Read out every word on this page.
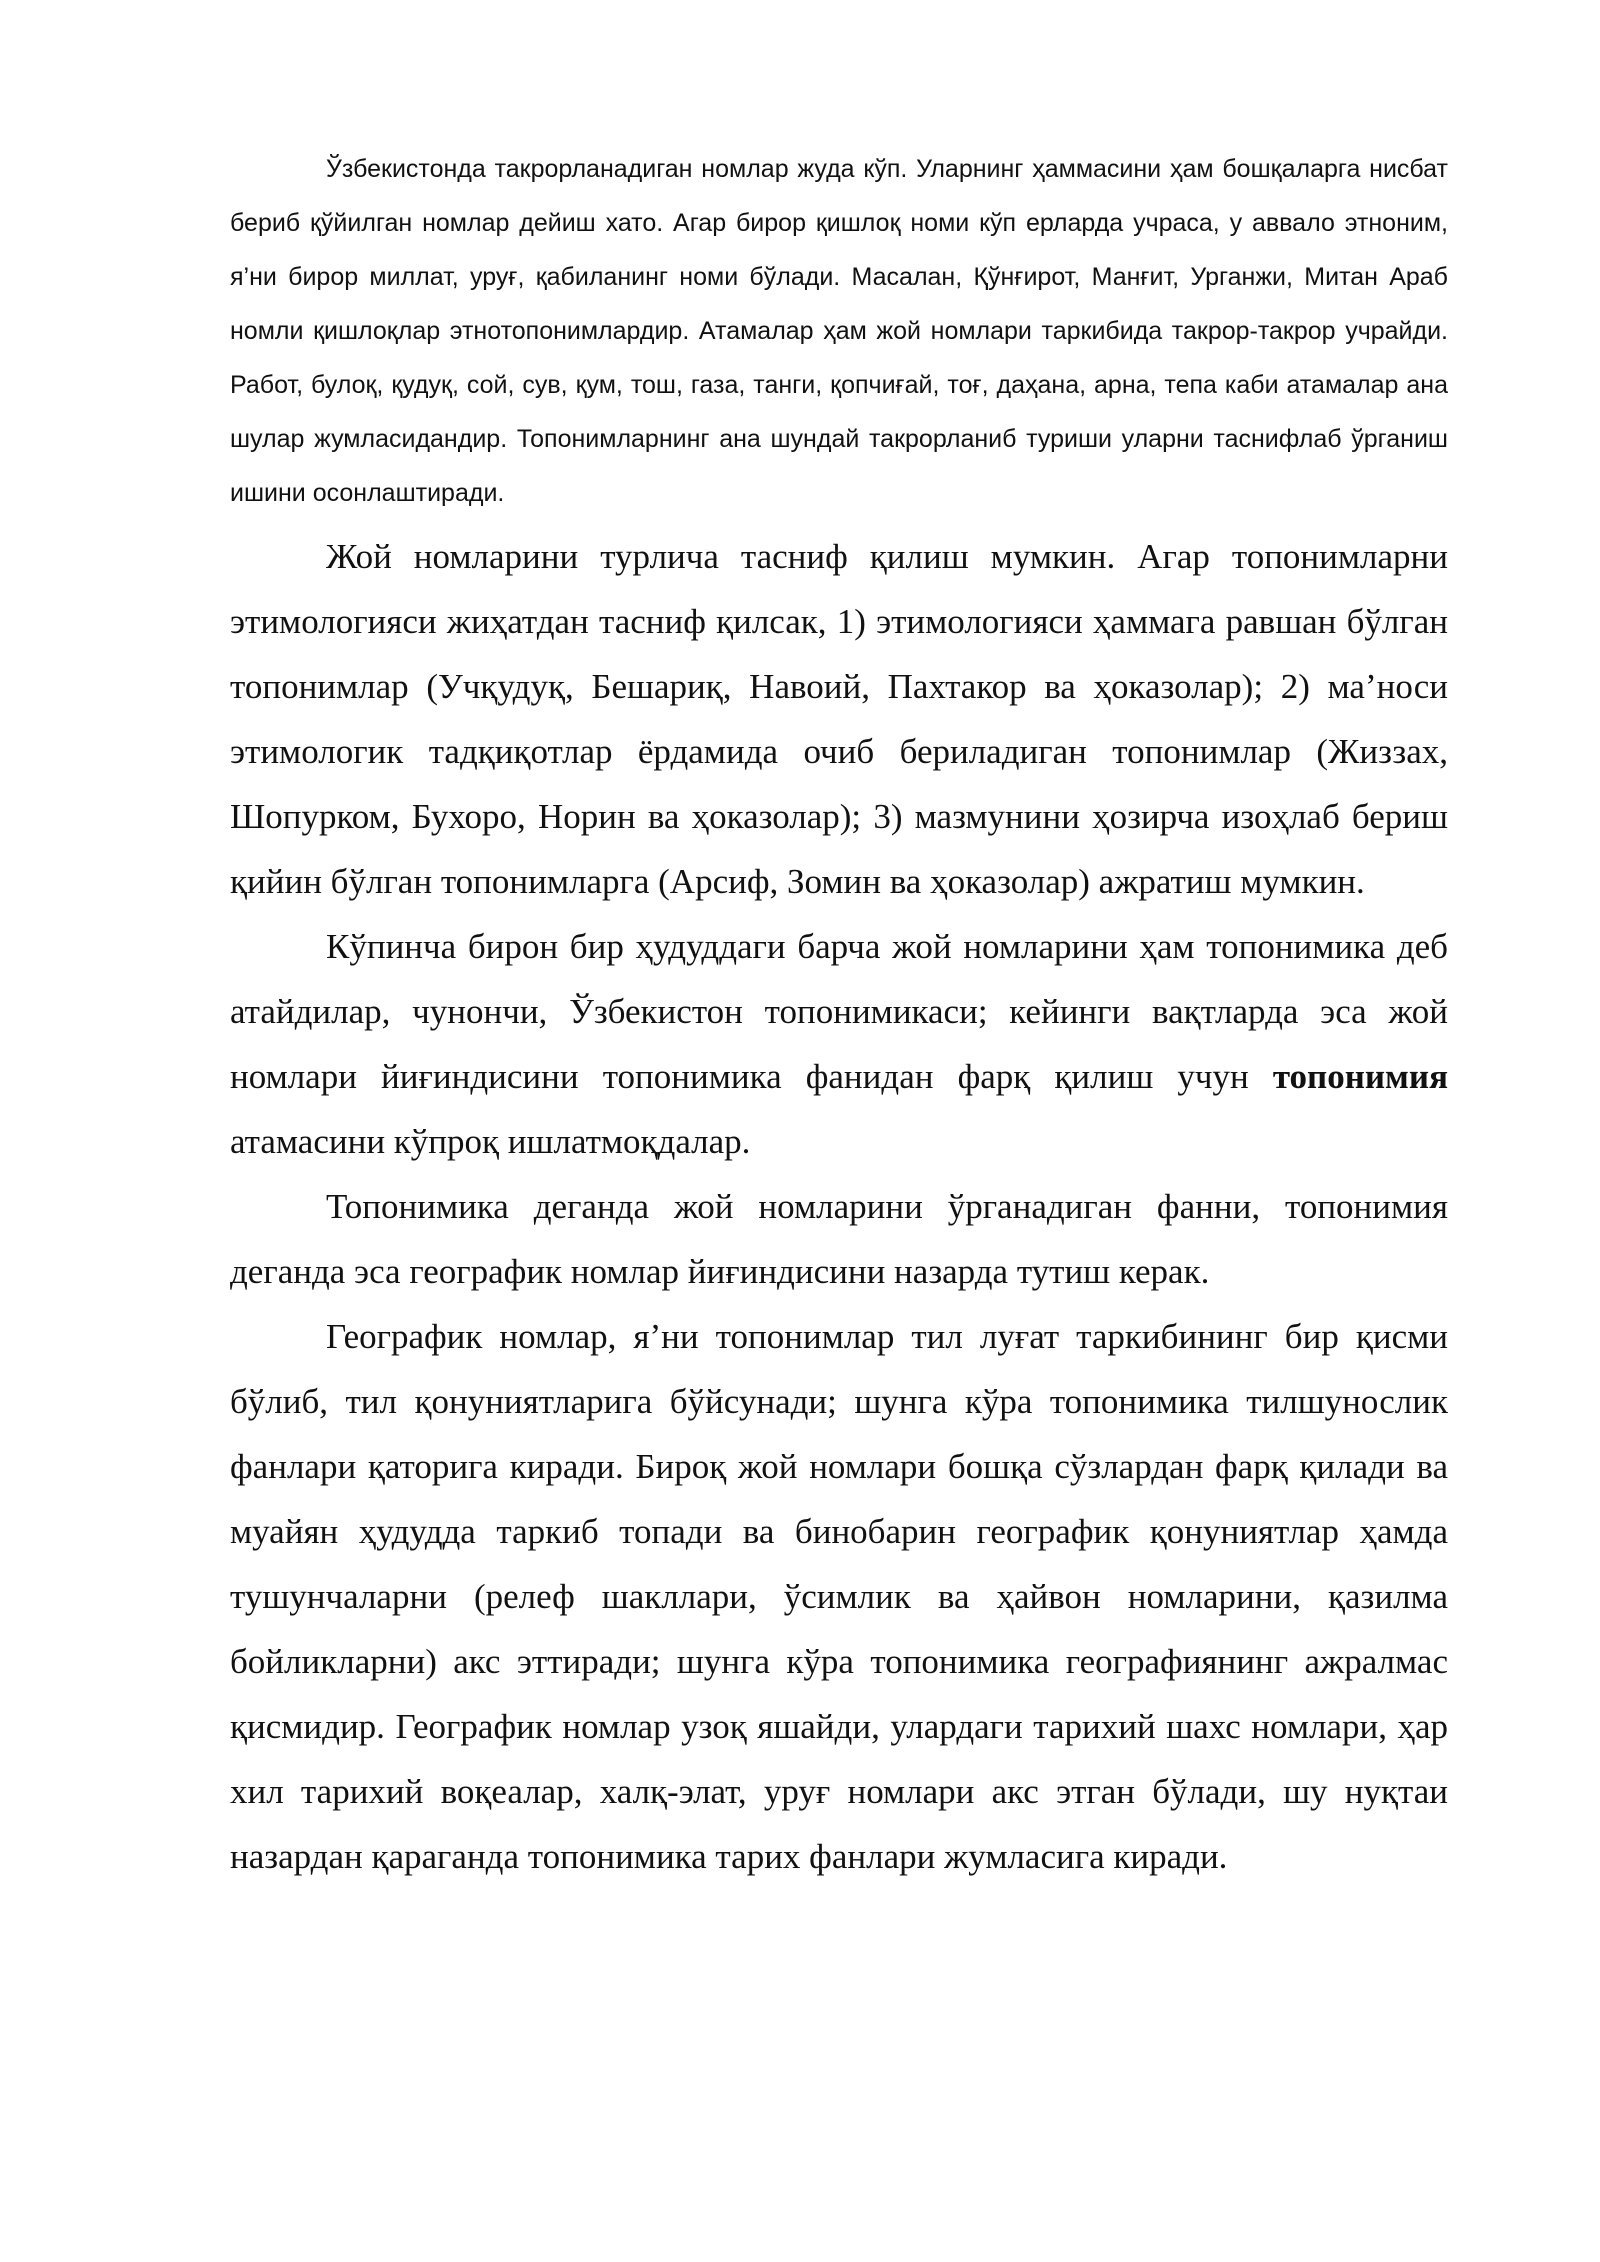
Ўзбекистонда такрорланадиган номлар жуда кўп. Уларнинг ҳаммасини ҳам бошқаларга нисбат бериб қўйилган номлар дейиш хато. Агар бирор қишлоқ номи кўп ерларда учраса, у аввало этноним, я’ни бирор миллат, уруғ, қабиланинг номи бўлади. Масалан, Қўнғирот, Манғит, Урганжи, Митан Араб номли қишлоқлар этнотопонимлардир. Атамалар ҳам жой номлари таркибида такрор-такрор учрайди. Работ, булоқ, қудуқ, сой, сув, қум, тош, газа, танги, қопчиғай, тоғ, даҳана, арна, тепа каби атамалар ана шулар жумласидандир. Топонимларнинг ана шундай такрорланиб туриши уларни таснифлаб ўрганиш ишини осонлаштиради.

Жой номларини турлича тасниф қилиш мумкин. Агар топонимларни этимологияси жиҳатдан тасниф қилсак, 1) этимологияси ҳаммага равшан бўлган топонимлар (Учқудуқ, Бешариқ, Навоий, Пахтакор ва ҳоказолар); 2) ма’носи этимологик тадқиқотлар ёрдамида очиб бериладиган топонимлар (Жиззах, Шопурком, Бухоро, Норин ва ҳоказолар); 3) мазмунини ҳозирча изоҳлаб бериш қийин бўлган топонимларга (Арсиф, Зомин ва ҳоказолар) ажратиш мумкин.

Кўпинча бирон бир ҳудуддаги барча жой номларини ҳам топонимика деб атайдилар, чунончи, Ўзбекистон топонимикаси; кейинги вақтларда эса жой номлари йиғиндисини топонимика фанидан фарқ қилиш учун топонимия атамасини кўпроқ ишлатмоқдалар.

Топонимика деганда жой номларини ўрганадиган фанни, топонимия деганда эса географик номлар йиғиндисини назарда тутиш керак.

Географик номлар, я’ни топонимлар тил луғат таркибининг бир қисми бўлиб, тил қонуниятларига бўйсунади; шунга кўра топонимика тилшунослик фанлари қаторига киради. Бироқ жой номлари бошқа сўзлардан фарқ қилади ва муайян ҳудудда таркиб топади ва бинобарин географик қонуниятлар ҳамда тушунчаларни (релеф шакллари, ўсимлик ва ҳайвон номларини, қазилма бойликларни) акс эттиради; шунга кўра топонимика географиянинг ажралмас қисмидир. Географик номлар узоқ яшайди, улардаги тарихий шахс номлари, ҳар хил тарихий воқеалар, халқ-элат, уруғ номлари акс этган бўлади, шу нуқтаи назардан қараганда топонимика тарих фанлари жумласига киради.
